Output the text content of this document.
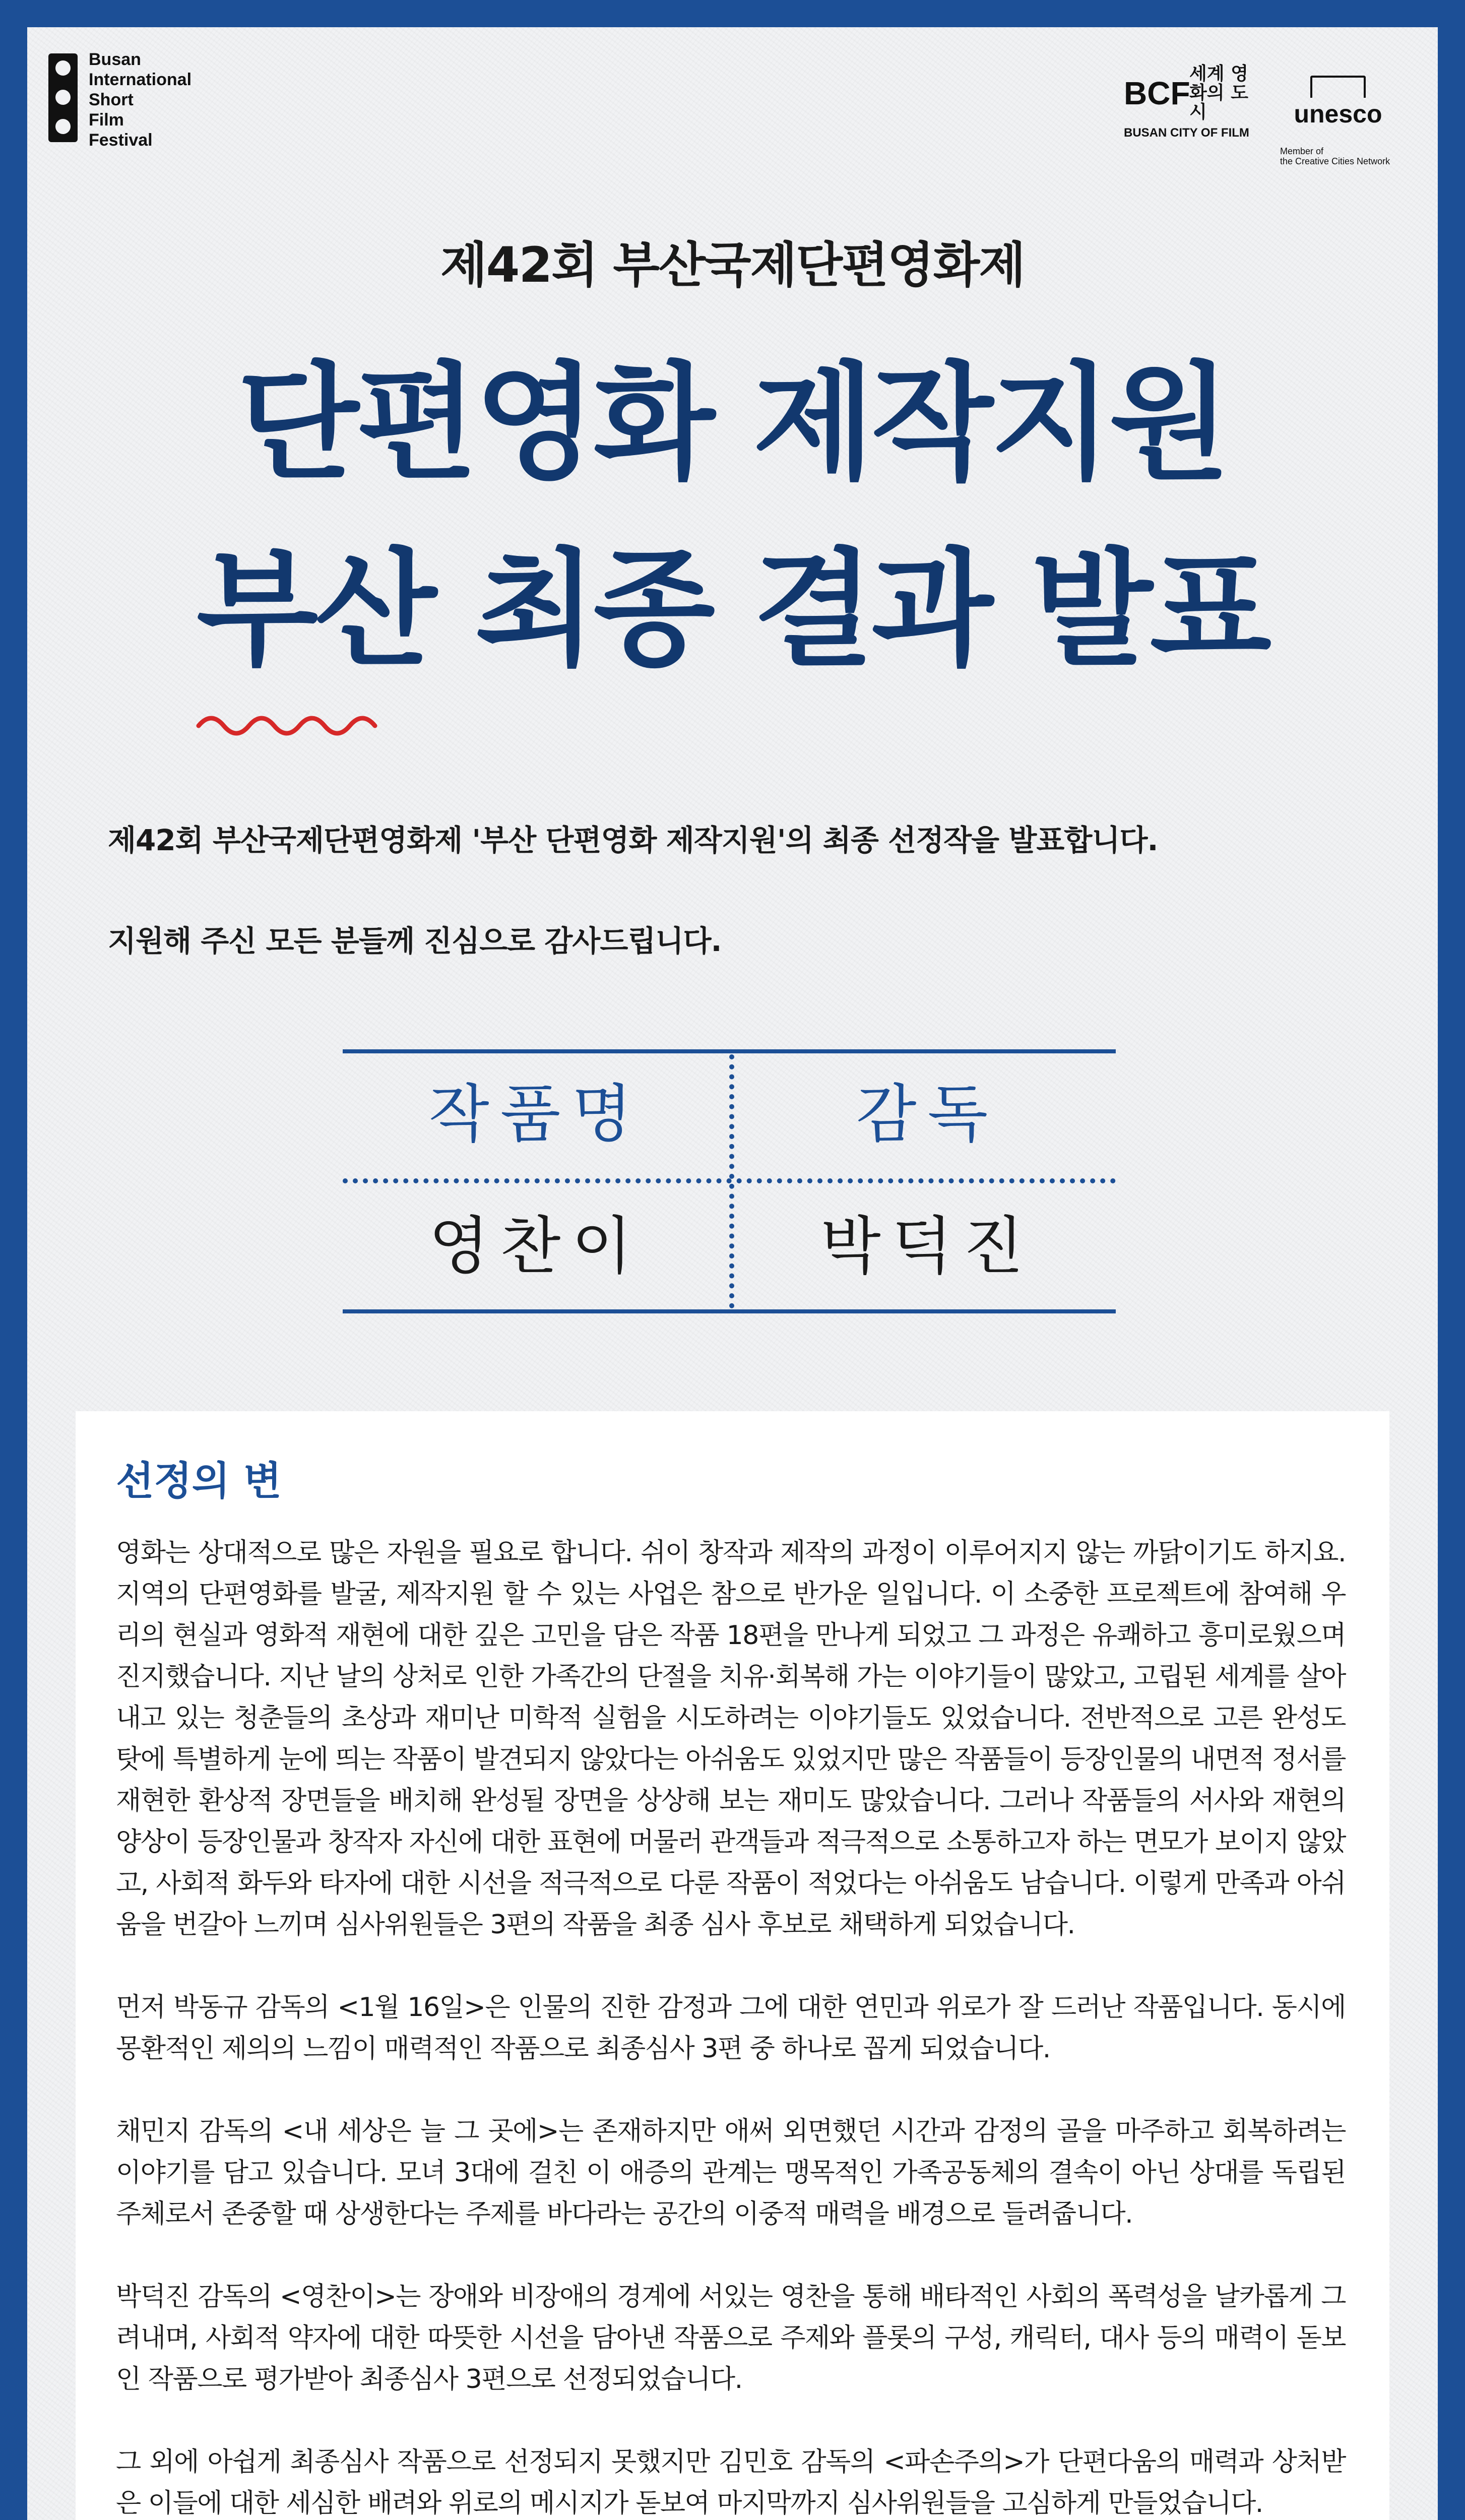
Busan
International
Short
Film
Festival
BCF
세계 영화의 도시
BUSAN CITY OF FILM
unesco
Member of
the Creative Cities Network
제42회 부산국제단편영화제
단편영화 제작지원
부산 최종 결과 발표
제42회 부산국제단편영화제 '부산 단편영화 제작지원'의 최종 선정작을 발표합니다.
지원해 주신 모든 분들께 진심으로 감사드립니다.
작품명	감독
영찬이	박덕진
선정의 변

영화는 상대적으로 많은 자원을 필요로 합니다. 쉬이 창작과 제작의 과정이 이루어지지 않는 까닭이기도 하지요. 지역의 단편영화를 발굴, 제작지원 할 수 있는 사업은 참으로 반가운 일입니다. 이 소중한 프로젝트에 참여해 우리의 현실과 영화적 재현에 대한 깊은 고민을 담은 작품 18편을 만나게 되었고 그 과정은 유쾌하고 흥미로웠으며 진지했습니다. 지난 날의 상처로 인한 가족간의 단절을 치유·회복해 가는 이야기들이 많았고, 고립된 세계를 살아내고 있는 청춘들의 초상과 재미난 미학적 실험을 시도하려는 이야기들도 있었습니다. 전반적으로 고른 완성도 탓에 특별하게 눈에 띄는 작품이 발견되지 않았다는 아쉬움도 있었지만 많은 작품들이 등장인물의 내면적 정서를 재현한 환상적 장면들을 배치해 완성될 장면을 상상해 보는 재미도 많았습니다. 그러나 작품들의 서사와 재현의 양상이 등장인물과 창작자 자신에 대한 표현에 머물러 관객들과 적극적으로 소통하고자 하는 면모가 보이지 않았고, 사회적 화두와 타자에 대한 시선을 적극적으로 다룬 작품이 적었다는 아쉬움도 남습니다. 이렇게 만족과 아쉬움을 번갈아 느끼며 심사위원들은 3편의 작품을 최종 심사 후보로 채택하게 되었습니다.

먼저 박동규 감독의 <1월 16일>은 인물의 진한 감정과 그에 대한 연민과 위로가 잘 드러난 작품입니다. 동시에 몽환적인 제의의 느낌이 매력적인 작품으로 최종심사 3편 중 하나로 꼽게 되었습니다.

채민지 감독의 <내 세상은 늘 그 곳에>는 존재하지만 애써 외면했던 시간과 감정의 골을 마주하고 회복하려는 이야기를 담고 있습니다. 모녀 3대에 걸친 이 애증의 관계는 맹목적인 가족공동체의 결속이 아닌 상대를 독립된 주체로서 존중할 때 상생한다는 주제를 바다라는 공간의 이중적 매력을 배경으로 들려줍니다.

박덕진 감독의 <영찬이>는 장애와 비장애의 경계에 서있는 영찬을 통해 배타적인 사회의 폭력성을 날카롭게 그려내며, 사회적 약자에 대한 따뜻한 시선을 담아낸 작품으로 주제와 플롯의 구성, 캐릭터, 대사 등의 매력이 돋보인 작품으로 평가받아 최종심사 3편으로 선정되었습니다.

그 외에 아쉽게 최종심사 작품으로 선정되지 못했지만 김민호 감독의 <파손주의>가 단편다움의 매력과 상처받은 이들에 대한 세심한 배려와 위로의 메시지가 돋보여 마지막까지 심사위원들을 고심하게 만들었습니다.
